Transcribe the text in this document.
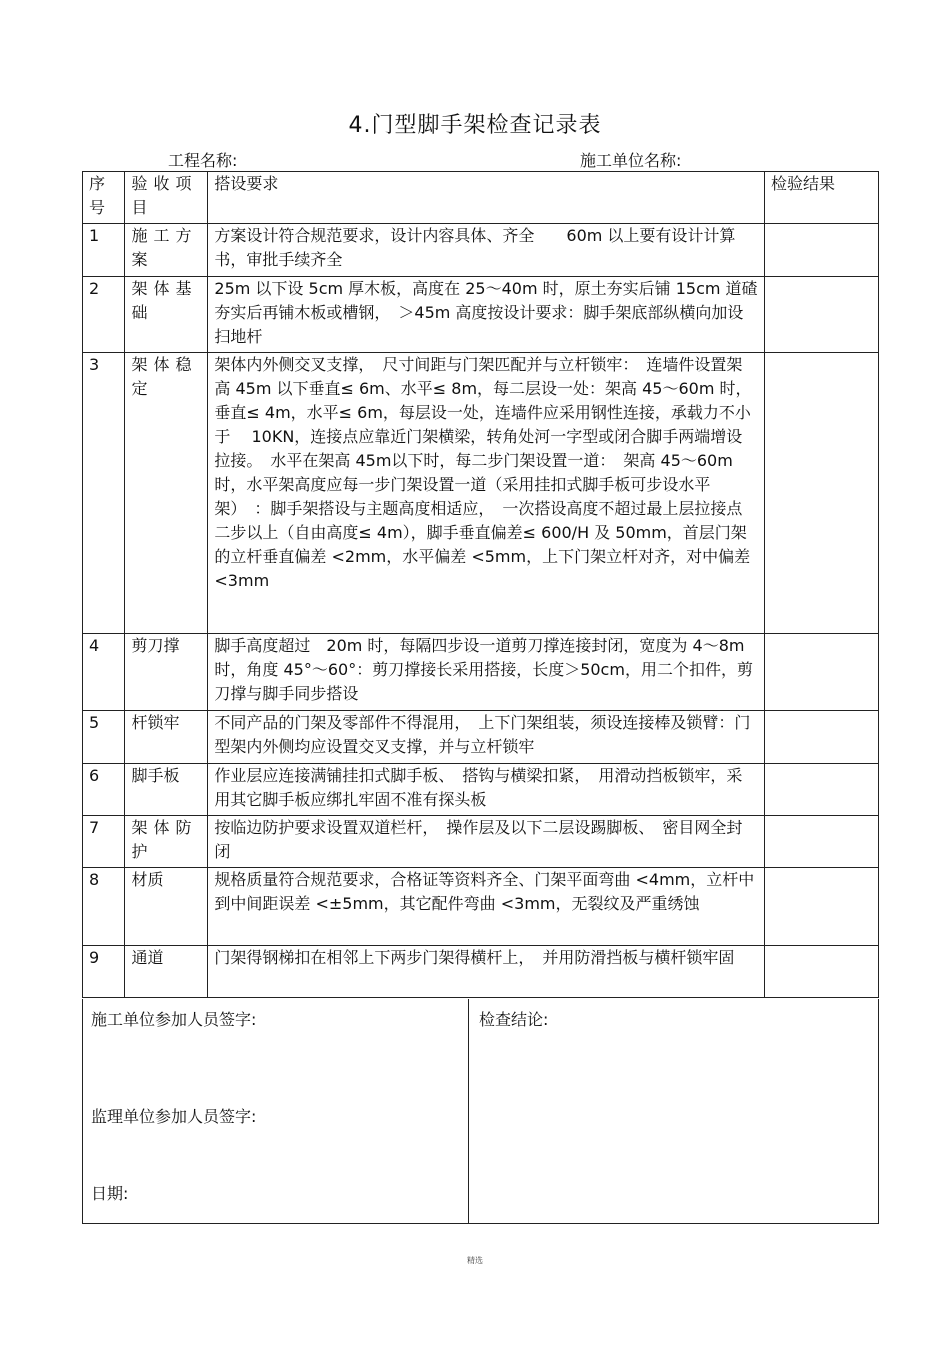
4.门型脚手架检查记录表
工程名称:	施工单位名称:
序号	验收项目	搭设要求	检验结果
1	施工方案	方案设计符合规范要求，设计内容具体、齐全　　60m 以上要有设计计算书，审批手续齐全	
2	架体基础	25m 以下设 5cm 厚木板，高度在 25～40m 时，原土夯实后铺 15cm 道碴夯实后再铺木板或槽钢，　＞45m 高度按设计要求：脚手架底部纵横向加设扫地杆	
3	架体稳定	架体内外侧交叉支撑，　尺寸间距与门架匹配并与立杆锁牢：　连墙件设置架高 45m 以下垂直≤ 6m、水平≤ 8m，每二层设一处：架高 45～60m 时，垂直≤ 4m，水平≤ 6m，每层设一处，连墙件应采用钢性连接，承载力不小于　 10KN，连接点应靠近门架横梁，转角处河一字型或闭合脚手两端增设拉接。　水平在架高 45m以下时，每二步门架设置一道：　架高 45～60m时，水平架高度应每一步门架设置一道（采用挂扣式脚手板可步设水平架）　：脚手架搭设与主题高度相适应，　一次搭设高度不超过最上层拉接点二步以上（自由高度≤ 4m），脚手垂直偏差≤ 600/H 及 50mm，首层门架的立杆垂直偏差 <2mm，水平偏差 <5mm，上下门架立杆对齐，对中偏差 <3mm	
4	剪刀撑	脚手高度超过　20m 时，每隔四步设一道剪刀撑连接封闭，宽度为 4～8m 时，角度 45°～60°：剪刀撑接长采用搭接，长度＞50cm，用二个扣件，剪刀撑与脚手同步搭设	
5	杆锁牢	不同产品的门架及零部件不得混用，　上下门架组装，须设连接棒及锁臂：门型架内外侧均应设置交叉支撑，并与立杆锁牢	
6	脚手板	作业层应连接满铺挂扣式脚手板、　搭钩与横梁扣紧，　用滑动挡板锁牢，采用其它脚手板应绑扎牢固不准有探头板	
7	架体防护	按临边防护要求设置双道栏杆，　操作层及以下二层设踢脚板、　密目网全封闭	
8	材质	规格质量符合规范要求，合格证等资料齐全、门架平面弯曲 <4mm，立杆中到中间距误差 <±5mm，其它配件弯曲 <3mm，无裂纹及严重绣蚀	
9	通道	门架得钢梯扣在相邻上下两步门架得横杆上，　并用防滑挡板与横杆锁牢固	
施工单位参加人员签字:
监理单位参加人员签字:
日期:
检查结论:
精选
